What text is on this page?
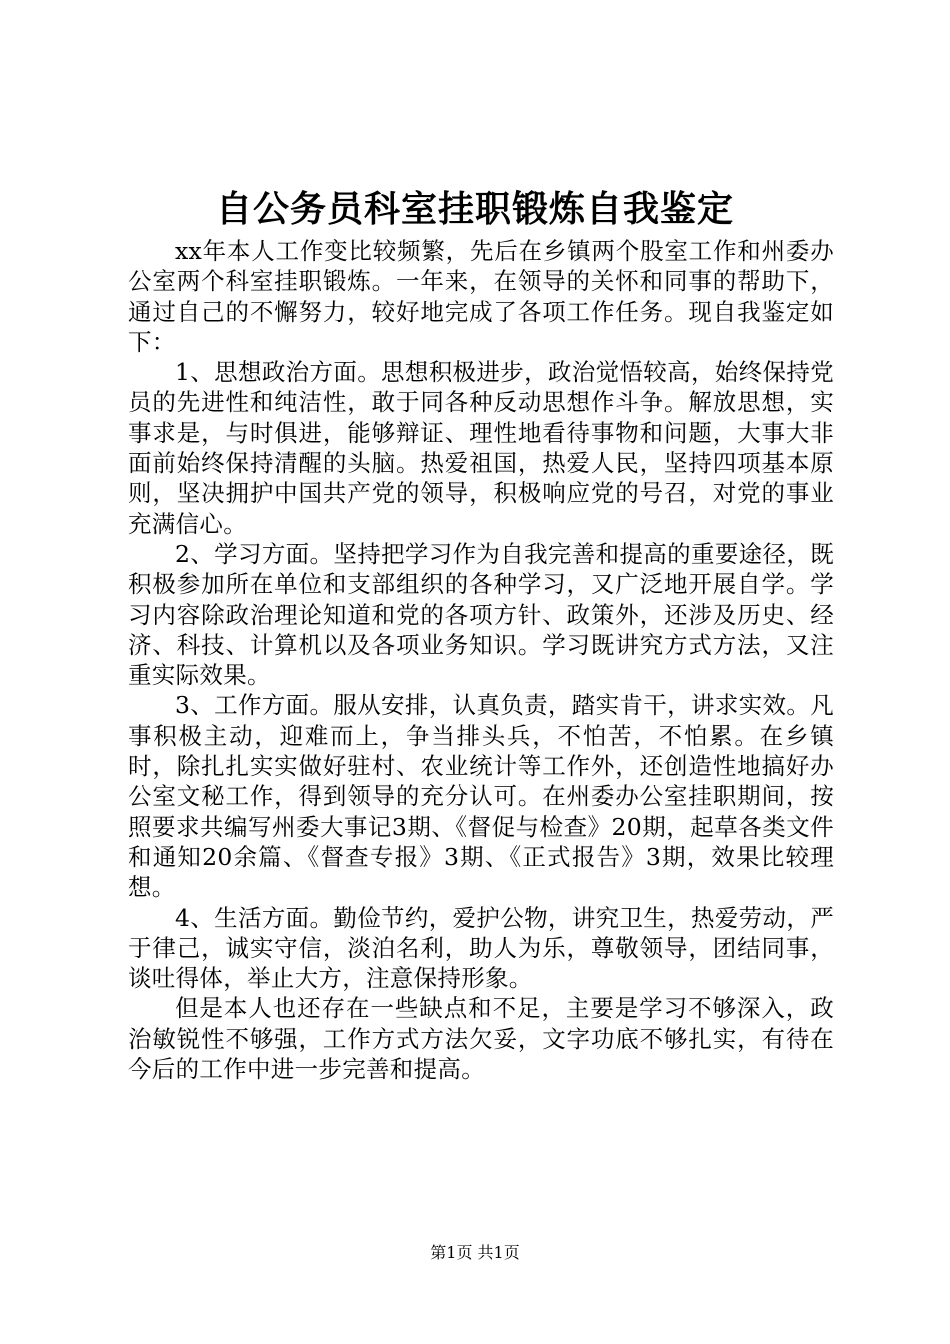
自公务员科室挂职锻炼自我鉴定

xx年本人工作变比较频繁，先后在乡镇两个股室工作和州委办公室两个科室挂职锻炼。一年来，在领导的关怀和同事的帮助下，通过自己的不懈努力，较好地完成了各项工作任务。现自我鉴定如下：

1、思想政治方面。思想积极进步，政治觉悟较高，始终保持党员的先进性和纯洁性，敢于同各种反动思想作斗争。解放思想，实事求是，与时俱进，能够辩证、理性地看待事物和问题，大事大非面前始终保持清醒的头脑。热爱祖国，热爱人民，坚持四项基本原则，坚决拥护中国共产党的领导，积极响应党的号召，对党的事业充满信心。

2、学习方面。坚持把学习作为自我完善和提高的重要途径，既积极参加所在单位和支部组织的各种学习，又广泛地开展自学。学习内容除政治理论知道和党的各项方针、政策外，还涉及历史、经济、科技、计算机以及各项业务知识。学习既讲究方式方法，又注重实际效果。

3、工作方面。服从安排，认真负责，踏实肯干，讲求实效。凡事积极主动，迎难而上，争当排头兵，不怕苦，不怕累。在乡镇时，除扎扎实实做好驻村、农业统计等工作外，还创造性地搞好办公室文秘工作，得到领导的充分认可。在州委办公室挂职期间，按照要求共编写州委大事记3期、《督促与检查》20期，起草各类文件和通知20余篇、《督查专报》3期、《正式报告》3期，效果比较理想。

4、生活方面。勤俭节约，爱护公物，讲究卫生，热爱劳动，严于律己，诚实守信，淡泊名利，助人为乐，尊敬领导，团结同事，谈吐得体，举止大方，注意保持形象。

但是本人也还存在一些缺点和不足，主要是学习不够深入，政治敏锐性不够强，工作方式方法欠妥，文字功底不够扎实，有待在今后的工作中进一步完善和提高。

第1页 共1页
